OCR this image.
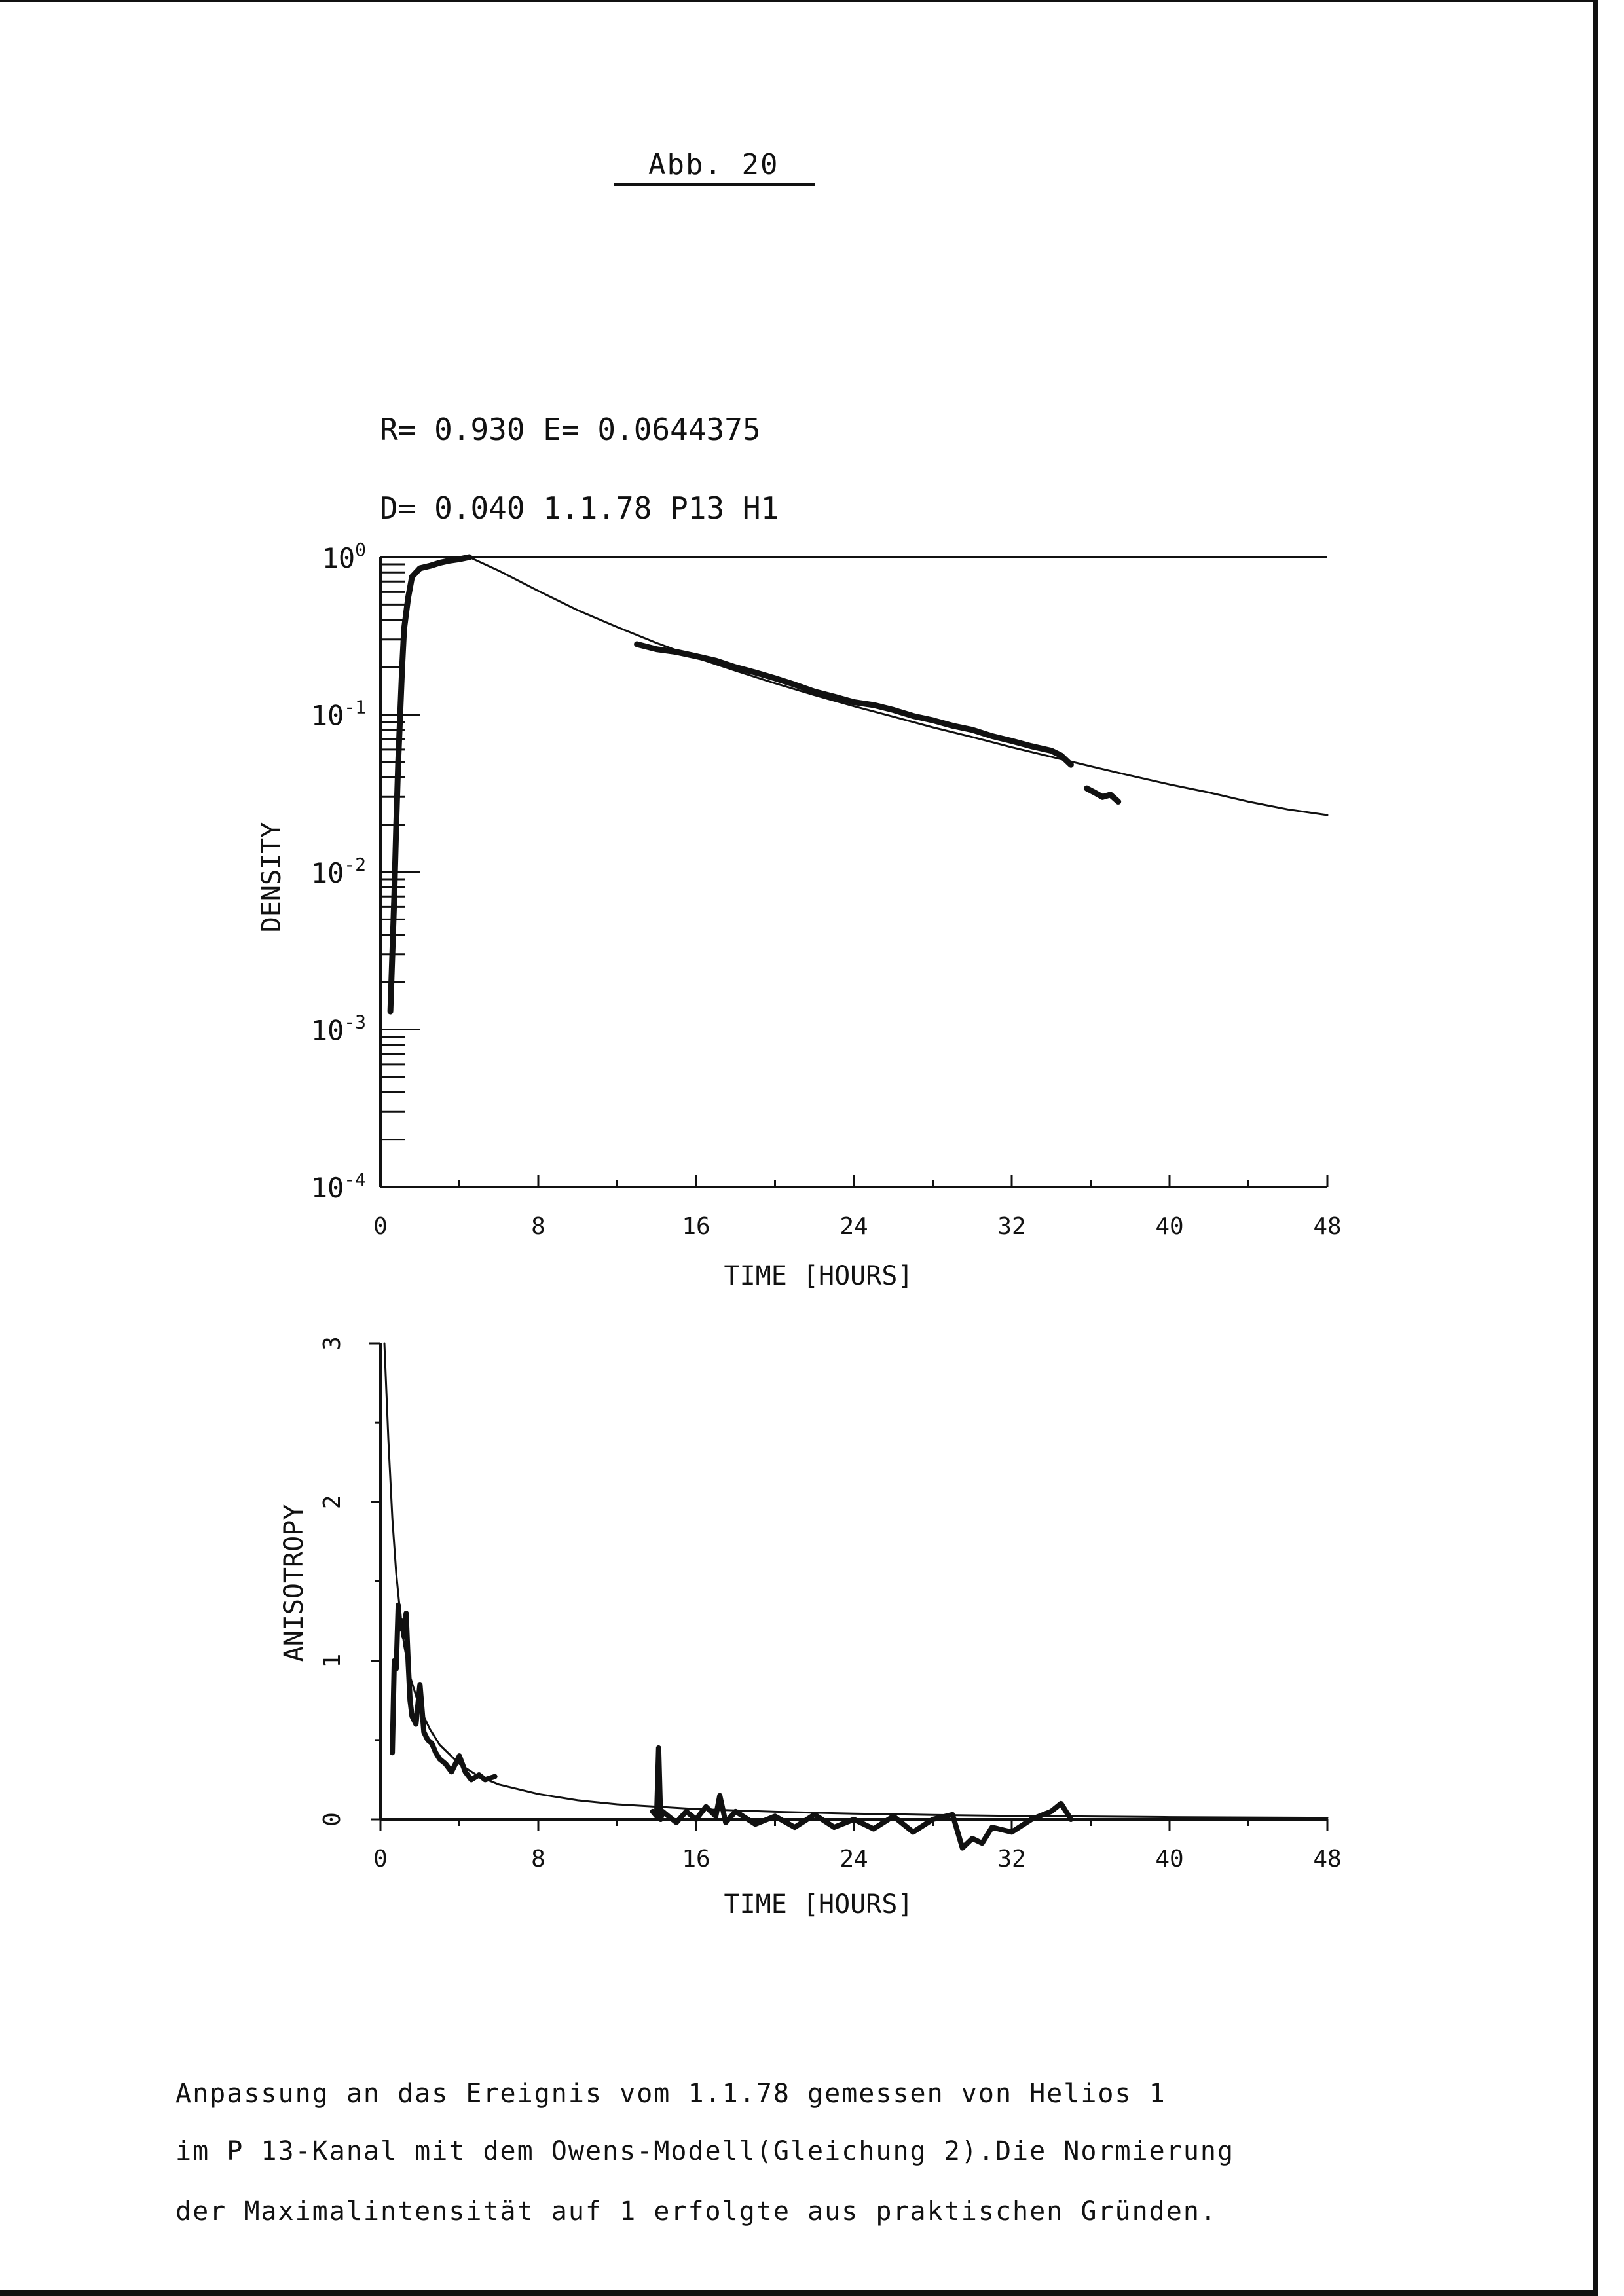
Abb. 20
R= 0.930 E= 0.0644375
D= 0.040 1.1.78 P13 H1
TIME [HOURS]
DENSITY
TIME [HOURS]
ANISOTROPY
0	8	16	24	32	40	48
$10^0$
$10^{-1}$
$10^{-2}$
$10^{-3}$
$10^{-4}$
0	8	16	24	32	40	48
0
1
2
3
Anpassung an das Ereignis vom 1.1.78 gemessen von Helios 1
im P 13-Kanal mit dem Owens-Modell(Gleichung 2).Die Normierung
der Maximalintensität auf 1 erfolgte aus praktischen Gründen.
